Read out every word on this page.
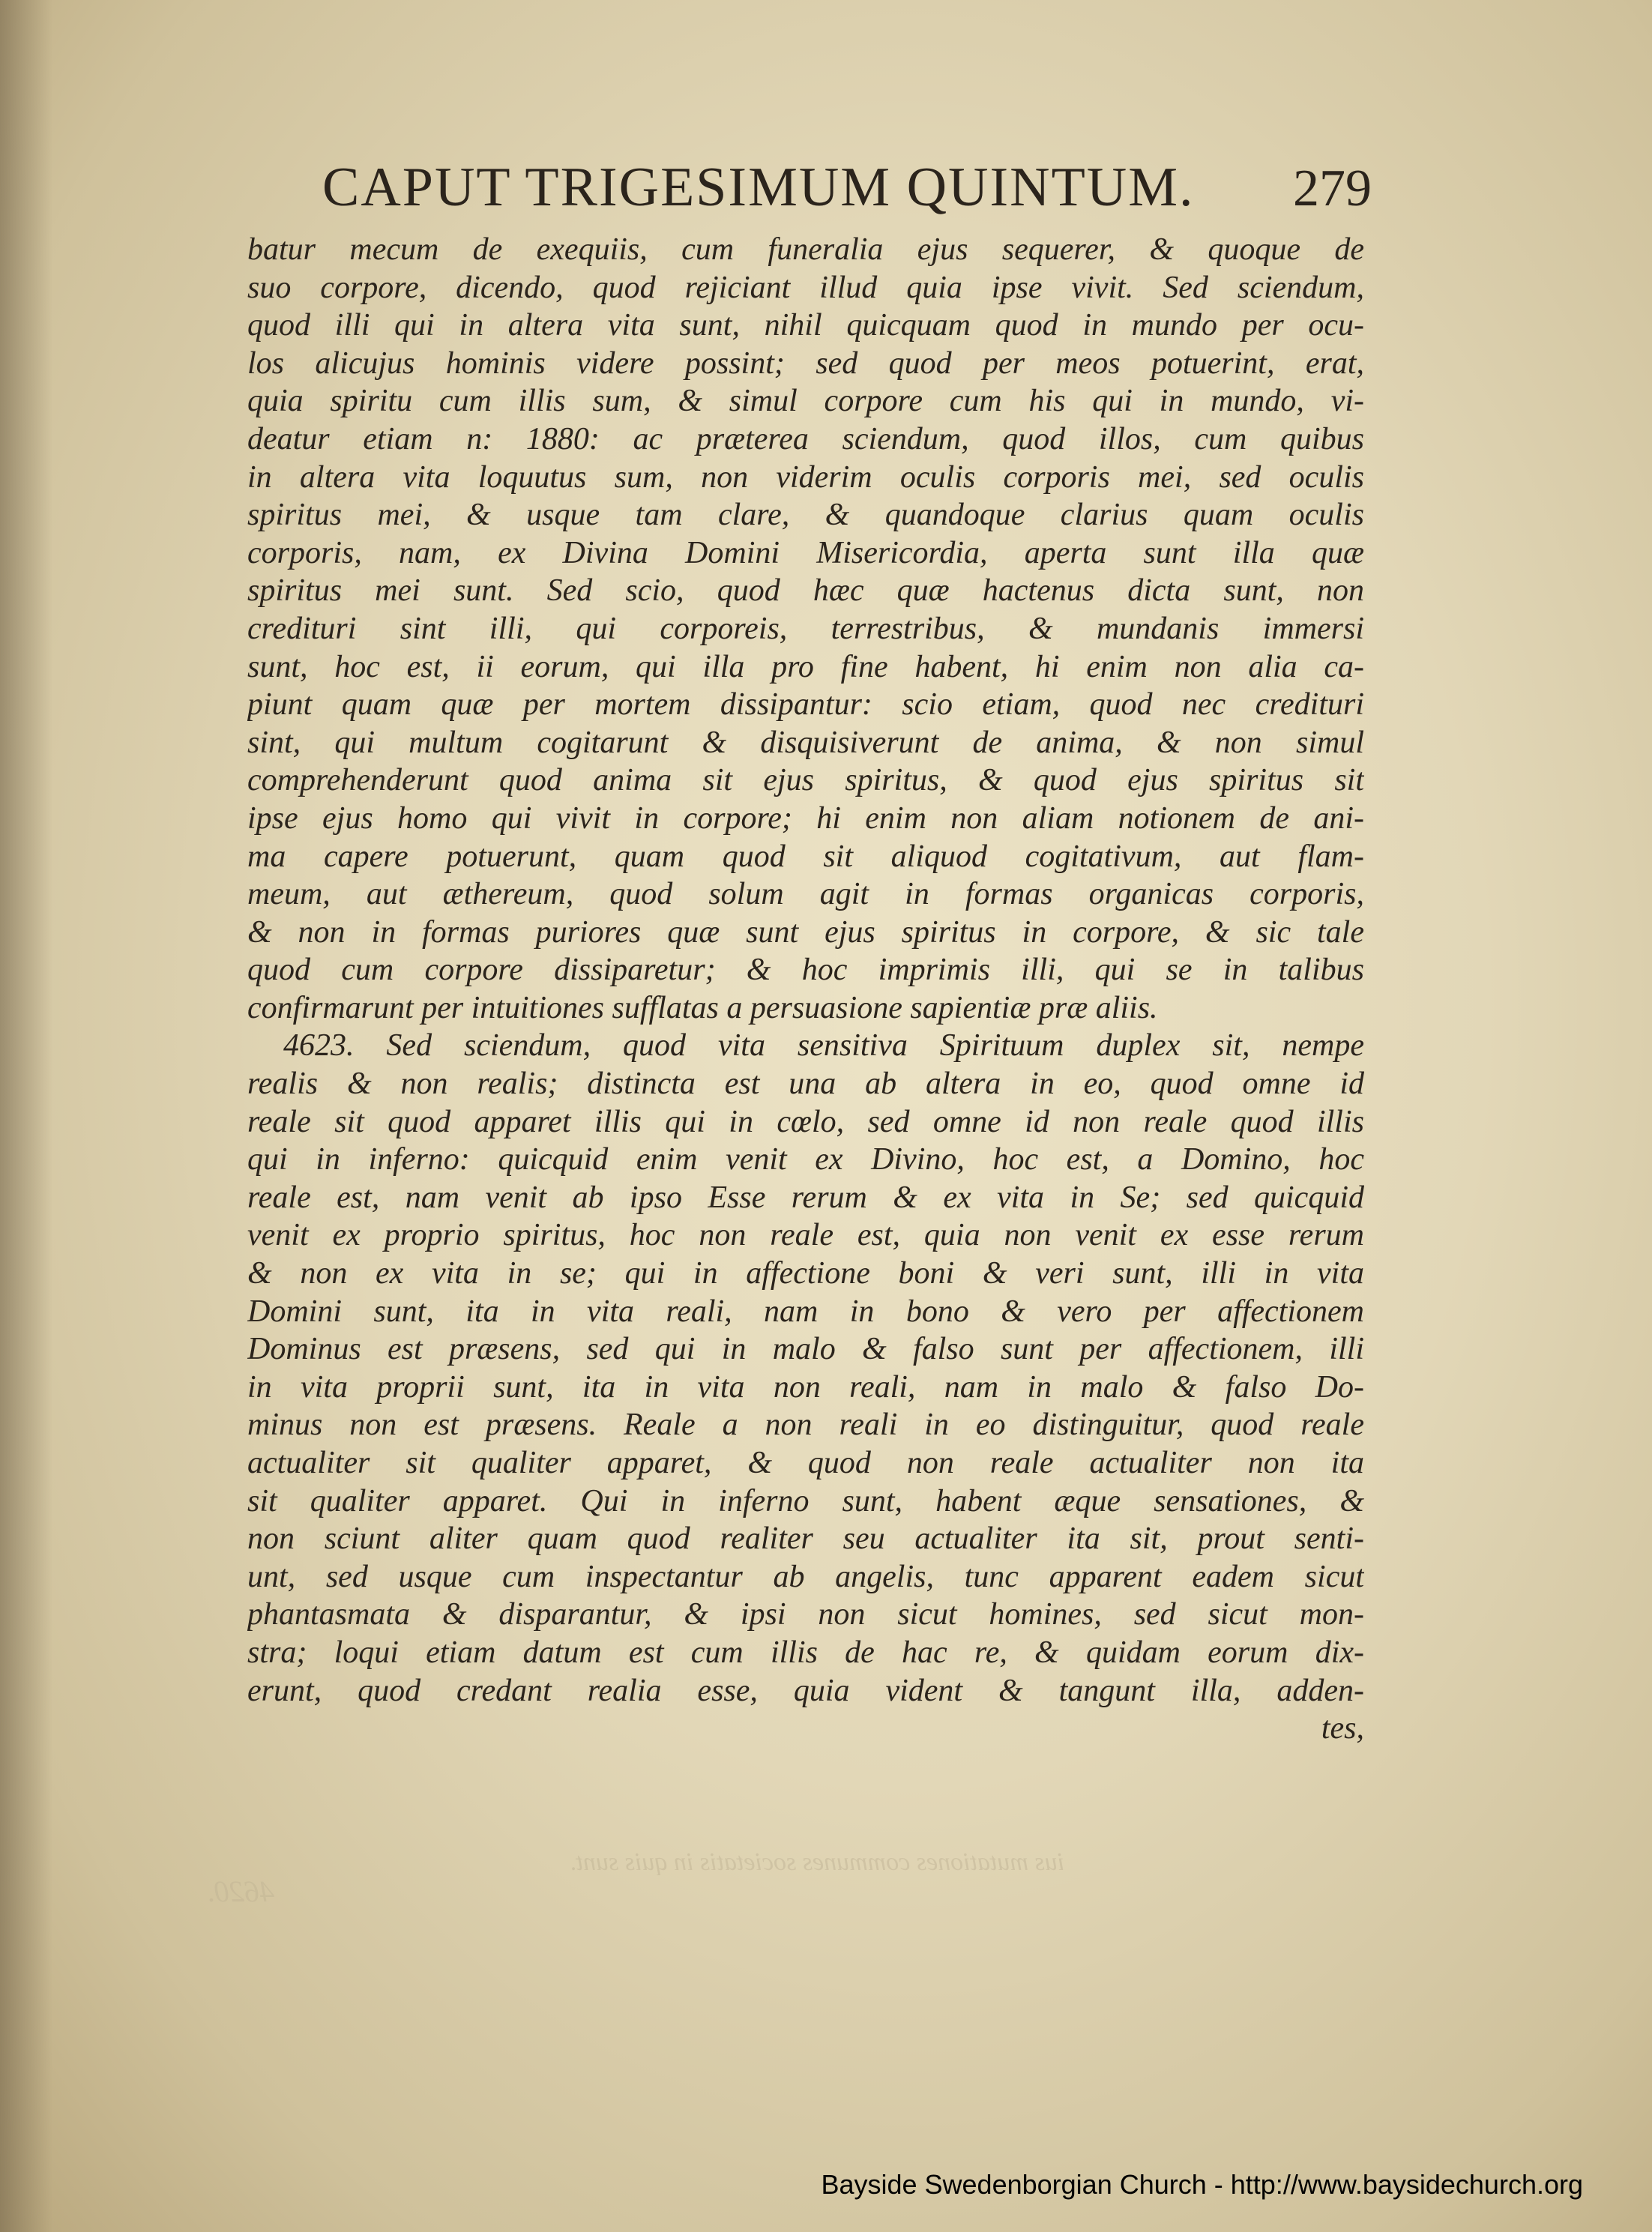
CAPUT TRIGESIMUM QUINTUM. 279
batur mecum de exequiis, cum funeralia ejus sequerer, & quoque de
suo corpore, dicendo, quod rejiciant illud quia ipse vivit. Sed sciendum,
quod illi qui in altera vita sunt, nihil quicquam quod in mundo per ocu-
los alicujus hominis videre possint; sed quod per meos potuerint, erat,
quia spiritu cum illis sum, & simul corpore cum his qui in mundo, vi-
deatur etiam n: 1880: ac præterea sciendum, quod illos, cum quibus
in altera vita loquutus sum, non viderim oculis corporis mei, sed oculis
spiritus mei, & usque tam clare, & quandoque clarius quam oculis
corporis, nam, ex Divina Domini Misericordia, aperta sunt illa quæ
spiritus mei sunt. Sed scio, quod hæc quæ hactenus dicta sunt, non
credituri sint illi, qui corporeis, terrestribus, & mundanis immersi
sunt, hoc est, ii eorum, qui illa pro fine habent, hi enim non alia ca-
piunt quam quæ per mortem dissipantur: scio etiam, quod nec credituri
sint, qui multum cogitarunt & disquisiverunt de anima, & non simul
comprehenderunt quod anima sit ejus spiritus, & quod ejus spiritus sit
ipse ejus homo qui vivit in corpore; hi enim non aliam notionem de ani-
ma capere potuerunt, quam quod sit aliquod cogitativum, aut flam-
meum, aut æthereum, quod solum agit in formas organicas corporis,
& non in formas puriores quæ sunt ejus spiritus in corpore, & sic tale
quod cum corpore dissiparetur; & hoc imprimis illi, qui se in talibus
confirmarunt per intuitiones sufflatas a persuasione sapientiæ præ aliis.
4623. Sed sciendum, quod vita sensitiva Spirituum duplex sit, nempe
realis & non realis; distincta est una ab altera in eo, quod omne id
reale sit quod apparet illis qui in cœlo, sed omne id non reale quod illis
qui in inferno: quicquid enim venit ex Divino, hoc est, a Domino, hoc
reale est, nam venit ab ipso Esse rerum & ex vita in Se; sed quicquid
venit ex proprio spiritus, hoc non reale est, quia non venit ex esse rerum
& non ex vita in se; qui in affectione boni & veri sunt, illi in vita
Domini sunt, ita in vita reali, nam in bono & vero per affectionem
Dominus est præsens, sed qui in malo & falso sunt per affectionem, illi
in vita proprii sunt, ita in vita non reali, nam in malo & falso Do-
minus non est præsens. Reale a non reali in eo distinguitur, quod reale
actualiter sit qualiter apparet, & quod non reale actualiter non ita
sit qualiter apparet. Qui in inferno sunt, habent æque sensationes, &
non sciunt aliter quam quod realiter seu actualiter ita sit, prout senti-
unt, sed usque cum inspectantur ab angelis, tunc apparent eadem sicut
phantasmata & disparantur, & ipsi non sicut homines, sed sicut mon-
stra; loqui etiam datum est cum illis de hac re, & quidam eorum dix-
erunt, quod credant realia esse, quia vident & tangunt illa, adden-
tes,
ius mutationes communes societatis in quis sunt.
4620.
Bayside Swedenborgian Church - http://www.baysidechurch.org
